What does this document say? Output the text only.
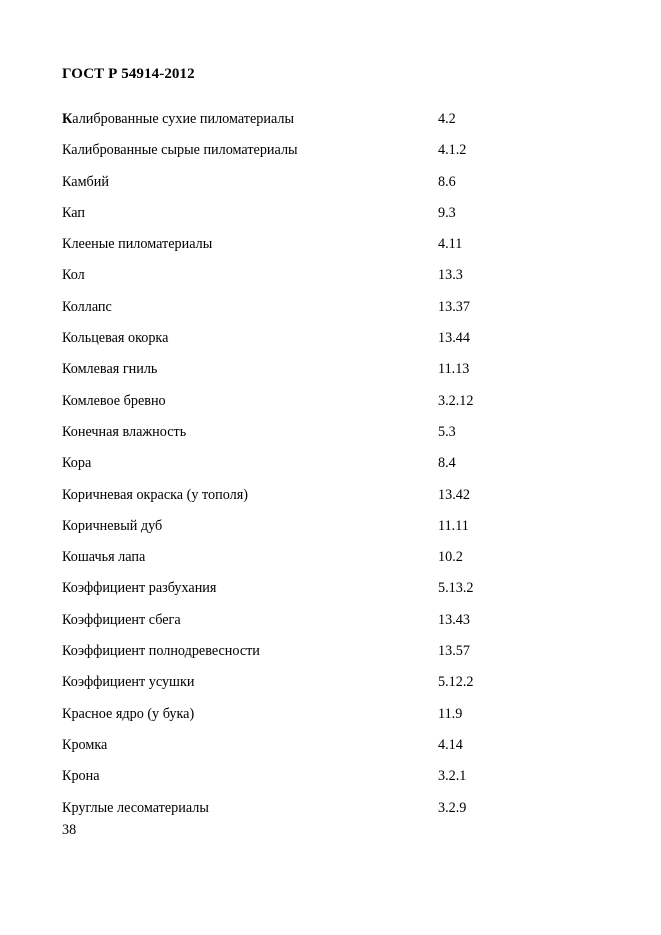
ГОСТ Р 54914-2012
Калиброванные сухие пиломатериалы	4.2
Калиброванные сырые пиломатериалы	4.1.2
Камбий	8.6
Кап	9.3
Клееные пиломатериалы	4.11
Кол	13.3
Коллапс	13.37
Кольцевая окорка	13.44
Комлевая гниль	11.13
Комлевое бревно	3.2.12
Конечная влажность	5.3
Кора	8.4
Коричневая окраска (у тополя)	13.42
Коричневый дуб	11.11
Кошачья лапа	10.2
Коэффициент разбухания	5.13.2
Коэффициент сбега	13.43
Коэффициент полнодревесности	13.57
Коэффициент усушки	5.12.2
Красное ядро (у бука)	11.9
Кромка	4.14
Крона	3.2.1
Круглые лесоматериалы	3.2.9
38
